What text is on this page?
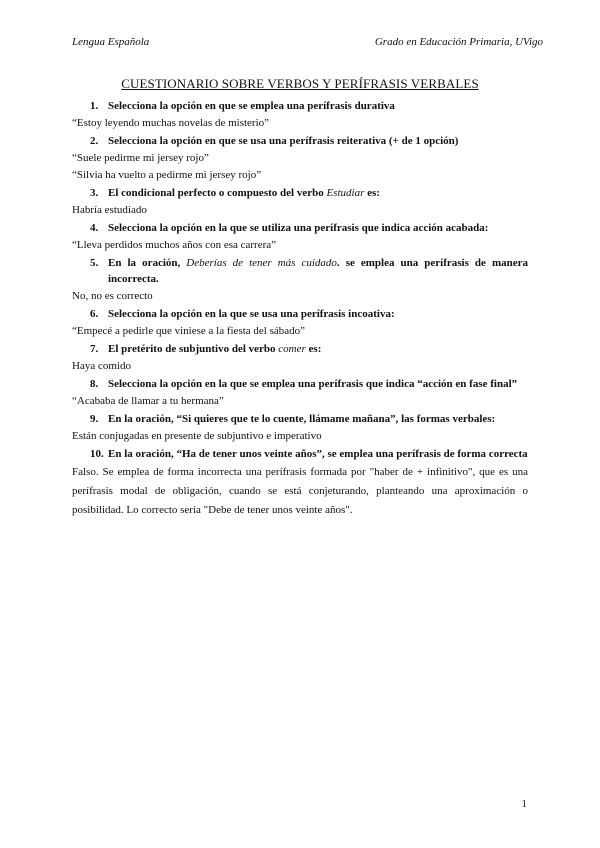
Lengua Española	Grado en Educación Primaria, UVigo
CUESTIONARIO SOBRE VERBOS Y PERÍFRASIS VERBALES
1. Selecciona la opción en que se emplea una perífrasis durativa
“Estoy leyendo muchas novelas de misterio”
2. Selecciona la opción en que se usa una perífrasis reiterativa (+ de 1 opción)
“Suele pedirme mi jersey rojo”
“Silvia ha vuelto a pedirme mi jersey rojo”
3. El condicional perfecto o compuesto del verbo Estudiar es:
Habría estudiado
4. Selecciona la opción en la que se utiliza una perífrasis que indica acción acabada:
“Lleva perdidos muchos años con esa carrera”
5. En la oración, Deberías de tener más cuidado. se emplea una perífrasis de manera incorrecta.
No, no es correcto
6. Selecciona la opción en la que se usa una perífrasis incoativa:
“Empecé a pedirle que viniese a la fiesta del sábado”
7. El pretérito de subjuntivo del verbo comer es:
Haya comido
8. Selecciona la opción en la que se emplea una perífrasis que indica “acción en fase final”
“Acababa de llamar a tu hermana”
9. En la oración, “Si quieres que te lo cuente, llámame mañana”, las formas verbales:
Están conjugadas en presente de subjuntivo e imperativo
10. En la oración, “Ha de tener unos veinte años”, se emplea una perífrasis de forma correcta
Falso. Se emplea de forma incorrecta una perífrasis formada por "haber de + infinitivo", que es una perífrasis modal de obligación, cuando se está conjeturando, planteando una aproximación o posibilidad. Lo correcto sería "Debe de tener unos veinte años".
1
